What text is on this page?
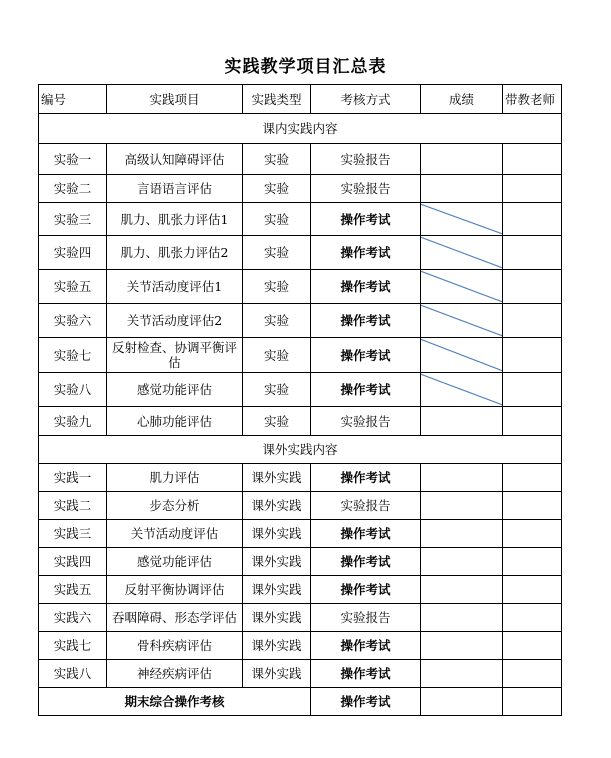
实践教学项目汇总表
编号	实践项目	实践类型	考核方式	成绩	带教老师
课内实践内容					
实验一	高级认知障碍评估	实验	实验报告		
实验二	言语语言评估	实验	实验报告		
实验三	肌力、肌张力评估1	实验	操作考试	

实验四	肌力、肌张力评估2	实验	操作考试	

实验五	关节活动度评估1	实验	操作考试	

实验六	关节活动度评估2	实验	操作考试	

实验七	反射检查、协调平衡评估	实验	操作考试	

实验八	感觉功能评估	实验	操作考试	

实验九	心肺功能评估	实验	实验报告		
课外实践内容					
实践一	肌力评估	课外实践	操作考试		
实践二	步态分析	课外实践	实验报告		
实践三	关节活动度评估	课外实践	操作考试		
实践四	感觉功能评估	课外实践	操作考试		
实践五	反射平衡协调评估	课外实践	操作考试		
实践六	吞咽障碍、形态学评估	课外实践	实验报告		
实践七	骨科疾病评估	课外实践	操作考试		
实践八	神经疾病评估	课外实践	操作考试		
期末综合操作考核			操作考试		
